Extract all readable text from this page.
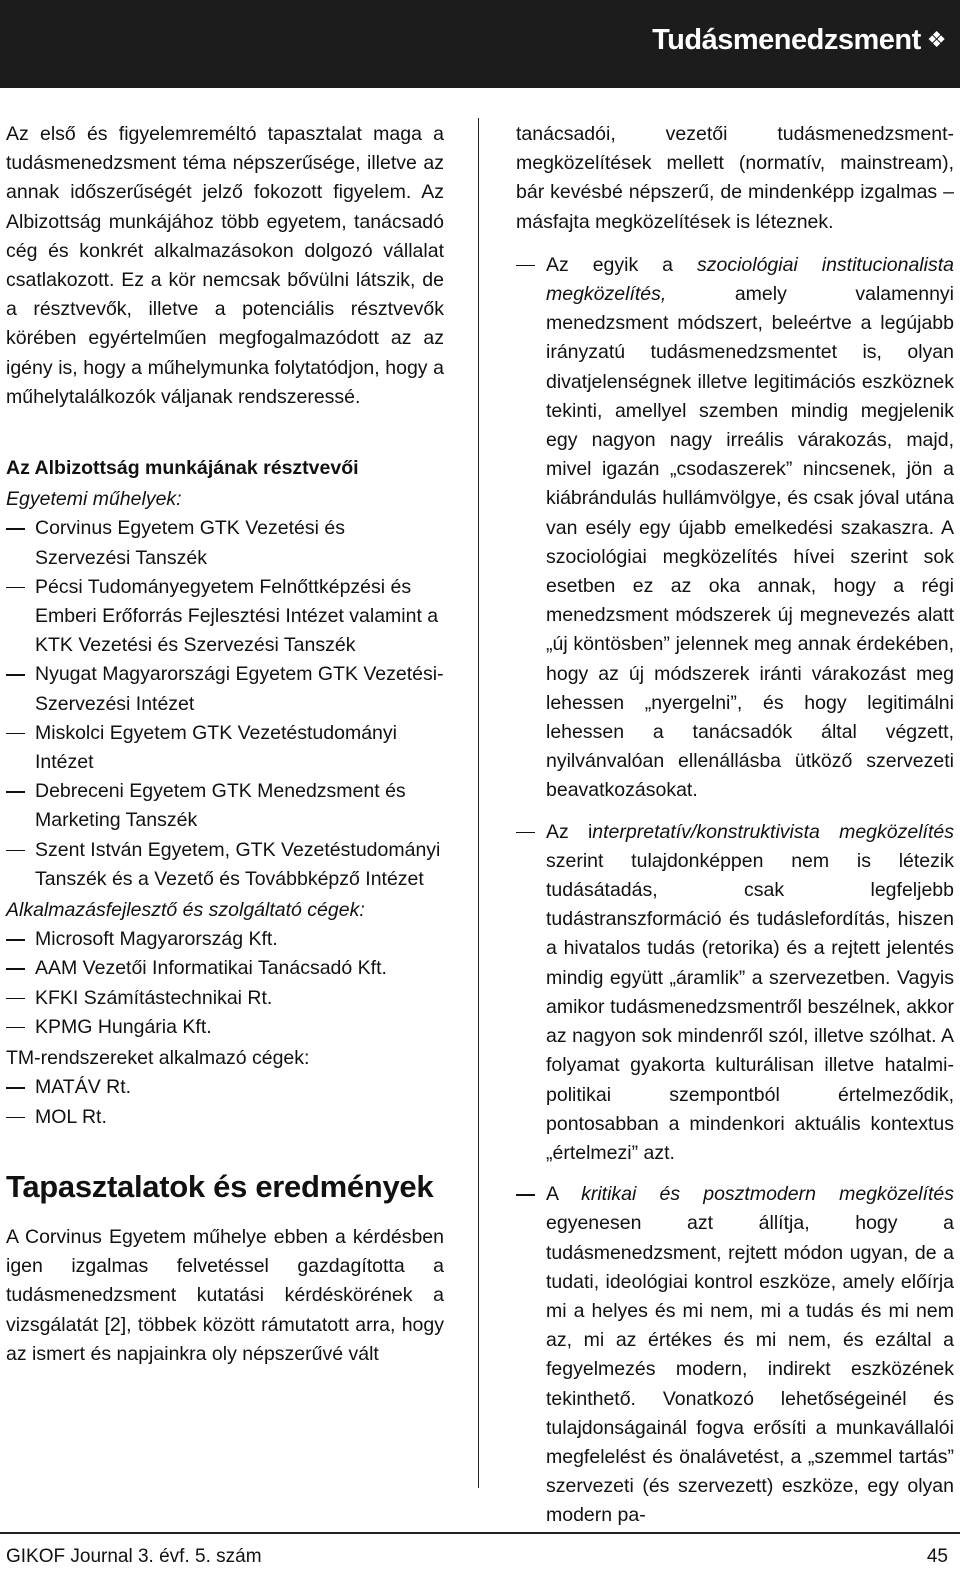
Tudásmenedzsment ❖

Az első és figyelemreméltó tapasztalat maga a tudásmenedzsment téma népszerűsége, illetve az annak időszerűségét jelző fokozott figyelem. Az Albizottság munkájához több egyetem, tanácsadó cég és konkrét alkalmazásokon dolgozó vállalat csatlakozott. Ez a kör nemcsak bővülni látszik, de a résztvevők, illetve a potenciális résztvevők körében egyértelműen megfogalmazódott az az igény is, hogy a műhelymunka folytatódjon, hogy a műhelytalálkozók váljanak rendszeressé.

Az Albizottság munkájának résztvevői

Egyetemi műhelyek:

Corvinus Egyetem GTK Vezetési és Szervezési Tanszék
Pécsi Tudományegyetem Felnőttképzési és Emberi Erőforrás Fejlesztési Intézet valamint a KTK Vezetési és Szervezési Tanszék
Nyugat Magyarországi Egyetem GTK Vezetési- Szervezési Intézet
Miskolci Egyetem GTK Vezetéstudományi Intézet
Debreceni Egyetem GTK Menedzsment és Marketing Tanszék
Szent István Egyetem, GTK Vezetéstudományi Tanszék és a Vezető és Továbbképző Intézet

Alkalmazásfejlesztő és szolgáltató cégek:

Microsoft Magyarország Kft.
AAM Vezetői Informatikai Tanácsadó Kft.
KFKI Számítástechnikai Rt.
KPMG Hungária Kft.

TM-rendszereket alkalmazó cégek:

MATÁV Rt.
MOL Rt.

Tapasztalatok és eredmények

A Corvinus Egyetem műhelye ebben a kérdésben igen izgalmas felvetéssel gazdagította a tudásmenedzsment kutatási kérdéskörének a vizsgálatát [2], többek között rámutatott arra, hogy az ismert és napjainkra oly népszerűvé vált

tanácsadói, vezetői tudásmenedzsment-megközelítések mellett (normatív, mainstream), bár kevésbé népszerű, de mindenképp izgalmas – másfajta megközelítések is léteznek.

Az egyik a szociológiai institucionalista megközelítés, amely valamennyi menedzsment módszert, beleértve a legújabb irányzatú tudásmenedzsmentet is, olyan divatjelenségnek illetve legitimációs eszköznek tekinti, amellyel szemben mindig megjelenik egy nagyon nagy irreális várakozás, majd, mivel igazán „csodaszerek” nincsenek, jön a kiábrándulás hullámvölgye, és csak jóval utána van esély egy újabb emelkedési szakaszra. A szociológiai megközelítés hívei szerint sok esetben ez az oka annak, hogy a régi menedzsment módszerek új megnevezés alatt „új köntösben” jelennek meg annak érdekében, hogy az új módszerek iránti várakozást meg lehessen „nyergelni”, és hogy legitimálni lehessen a tanácsadók által végzett, nyilvánvalóan ellenállásba ütköző szervezeti beavatkozásokat.
Az interpretatív/konstruktivista megközelítés szerint tulajdonképpen nem is létezik tudásátadás, csak legfeljebb tudástranszformáció és tudáslefordítás, hiszen a hivatalos tudás (retorika) és a rejtett jelentés mindig együtt „áramlik” a szervezetben. Vagyis amikor tudásmenedzsmentről beszélnek, akkor az nagyon sok mindenről szól, illetve szólhat. A folyamat gyakorta kulturálisan illetve hatalmi-politikai szempontból értelmeződik, pontosabban a mindenkori aktuális kontextus „értelmezi” azt.
A kritikai és posztmodern megközelítés egyenesen azt állítja, hogy a tudásmenedzsment, rejtett módon ugyan, de a tudati, ideológiai kontrol eszköze, amely előírja mi a helyes és mi nem, mi a tudás és mi nem az, mi az értékes és mi nem, és ezáltal a fegyelmezés modern, indirekt eszközének tekinthető. Vonatkozó lehetőségeinél és tulajdonságainál fogva erősíti a munkavállalói megfelelést és önalávetést, a „szemmel tartás” szervezeti (és szervezett) eszköze, egy olyan modern pa-
GIKOF Journal 3. évf. 5. szám	45
